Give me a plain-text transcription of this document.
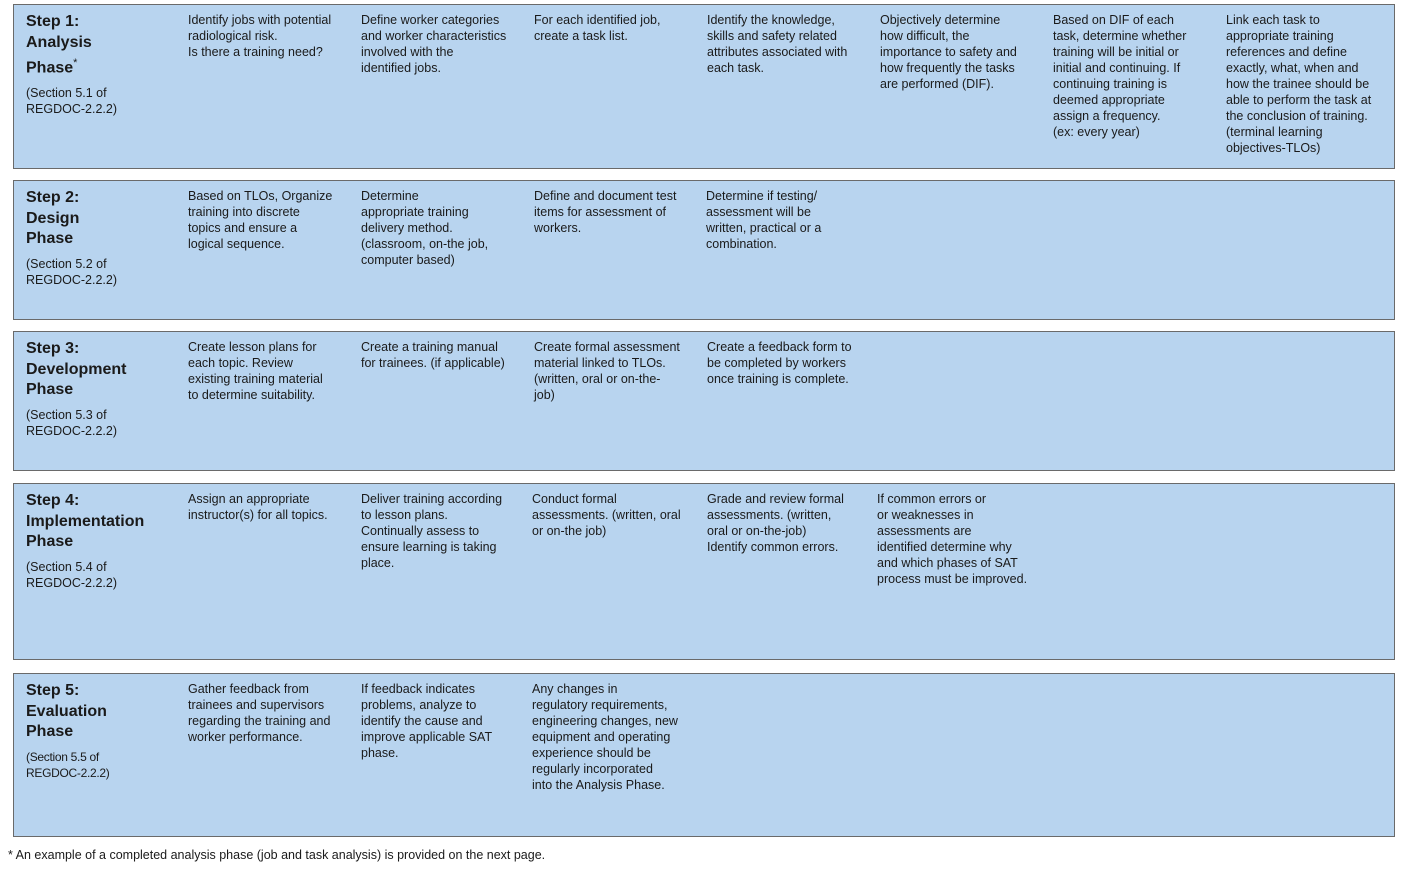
Step 1:
Analysis
Phase*
(Section 5.1 of
REGDOC-2.2.2)
Identify jobs with potential
radiological risk.
Is there a training need?
Define worker categories
and worker characteristics
involved with the
identified jobs.
For each identified job,
create a task list.
Identify the knowledge,
skills and safety related
attributes associated with
each task.
Objectively determine
how difficult, the
importance to safety and
how frequently the tasks
are performed (DIF).
Based on DIF of each
task, determine whether
training will be initial or
initial and continuing. If
continuing training is
deemed appropriate
assign a frequency.
(ex: every year)
Link each task to
appropriate training
references and define
exactly, what, when and
how the trainee should be
able to perform the task at
the conclusion of training.
(terminal learning
objectives-TLOs)
Step 2:
Design
Phase
(Section 5.2 of
REGDOC-2.2.2)
Based on TLOs, Organize
training into discrete
topics and ensure a
logical sequence.
Determine
appropriate training
delivery method.
(classroom, on-the job,
computer based)
Define and document test
items for assessment of
workers.
Determine if testing/
assessment will be
written, practical or a
combination.
Step 3:
Development
Phase
(Section 5.3 of
REGDOC-2.2.2)
Create lesson plans for
each topic. Review
existing training material
to determine suitability.
Create a training manual
for trainees. (if applicable)
Create formal assessment
material linked to TLOs.
(written, oral or on-the-
job)
Create a feedback form to
be completed by workers
once training is complete.
Step 4:
Implementation
Phase
(Section 5.4 of
REGDOC-2.2.2)
Assign an appropriate
instructor(s) for all topics.
Deliver training according
to lesson plans.
Continually assess to
ensure learning is taking
place.
Conduct formal
assessments. (written, oral
or on-the job)
Grade and review formal
assessments. (written,
oral or on-the-job)
Identify common errors.
If common errors or
or weaknesses in
assessments are
identified determine why
and which phases of SAT
process must be improved.
Step 5:
Evaluation
Phase
(Section 5.5 of
REGDOC-2.2.2)
Gather feedback from
trainees and supervisors
regarding the training and
worker performance.
If feedback indicates
problems, analyze to
identify the cause and
improve applicable SAT
phase.
Any changes in
regulatory requirements,
engineering changes, new
equipment and operating
experience should be
regularly incorporated
into the Analysis Phase.
* An example of a completed analysis phase (job and task analysis) is provided on the next page.
